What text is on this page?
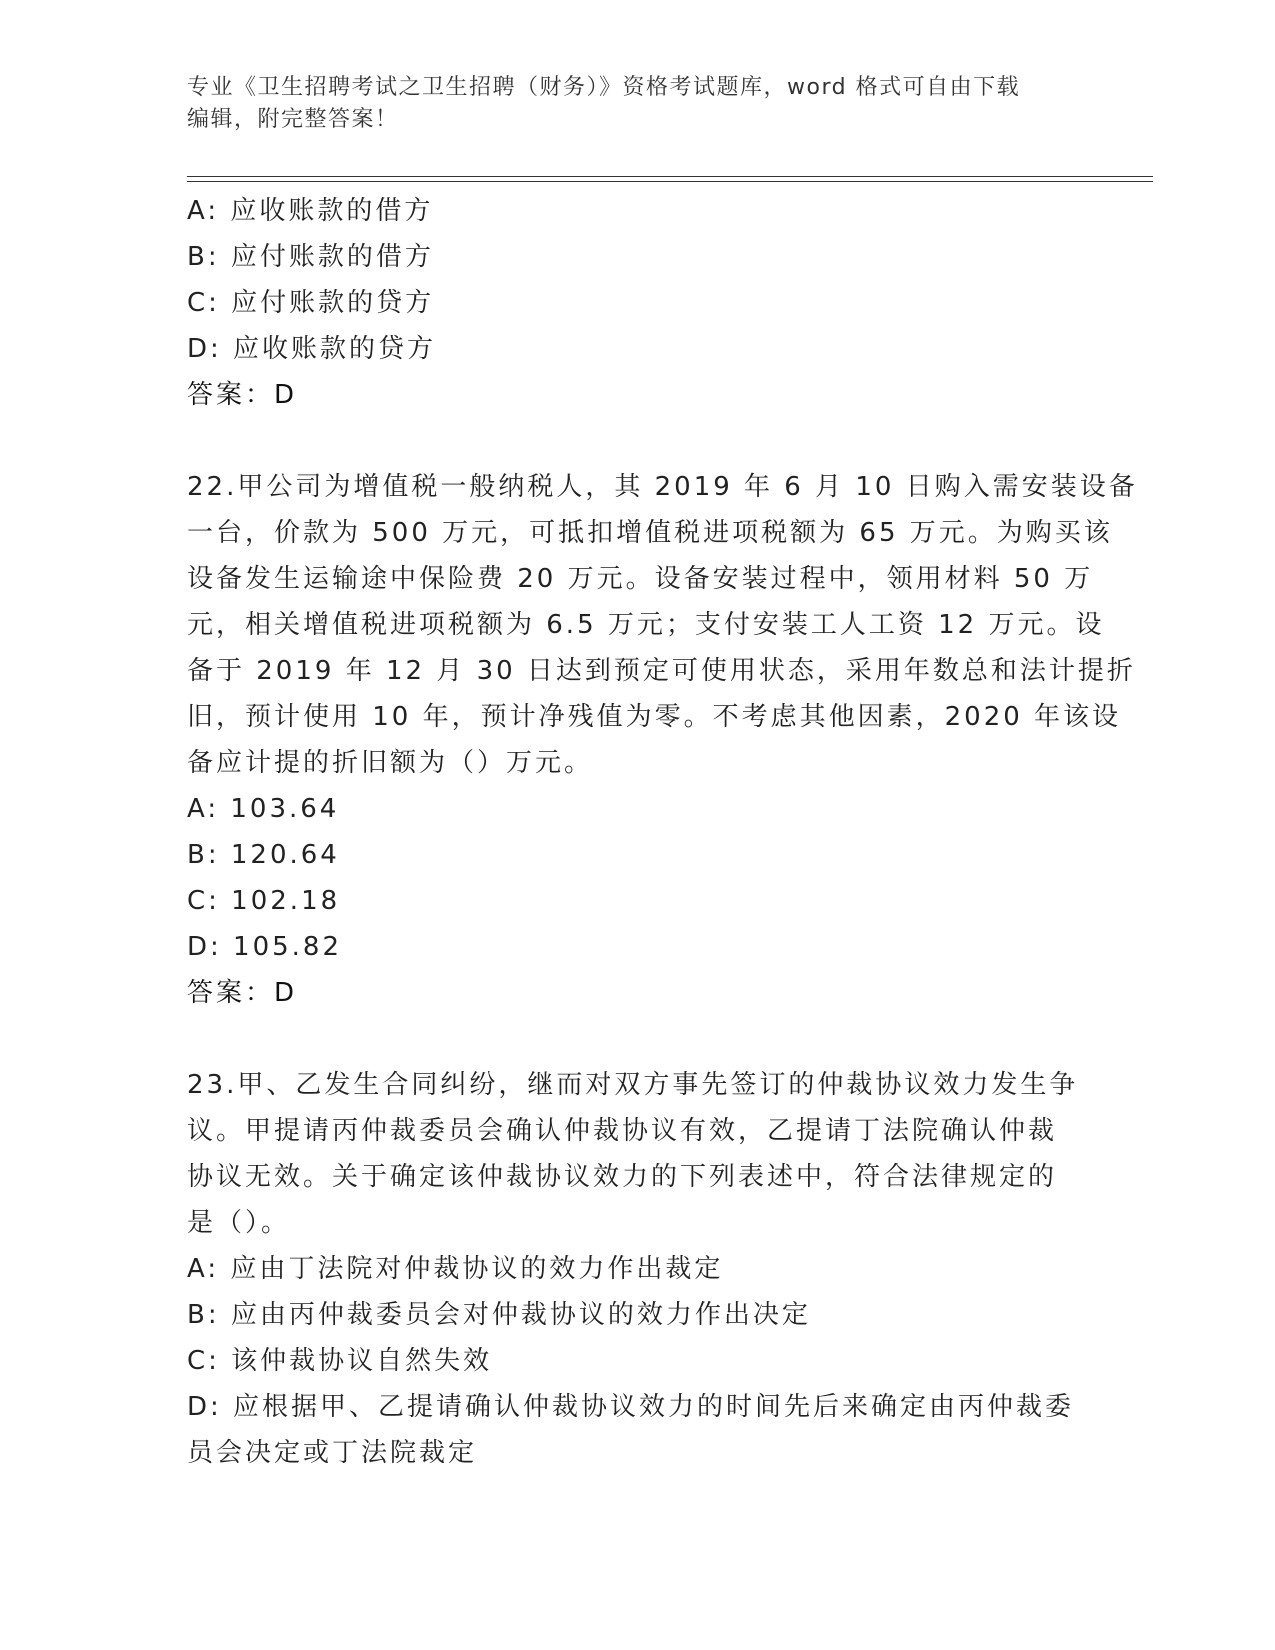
专业《卫生招聘考试之卫生招聘（财务）》资格考试题库，word 格式可自由下载
编辑，附完整答案！
A: 应收账款的借方
B: 应付账款的借方
C: 应付账款的贷方
D: 应收账款的贷方
答案：D
22.甲公司为增值税一般纳税人，其 2019 年 6 月 10 日购入需安装设备
一台，价款为 500 万元，可抵扣增值税进项税额为 65 万元。为购买该
设备发生运输途中保险费 20 万元。设备安装过程中，领用材料 50 万
元，相关增值税进项税额为 6.5 万元；支付安装工人工资 12 万元。设
备于 2019 年 12 月 30 日达到预定可使用状态，采用年数总和法计提折
旧，预计使用 10 年，预计净残值为零。不考虑其他因素，2020 年该设
备应计提的折旧额为（）万元。
A: 103.64
B: 120.64
C: 102.18
D: 105.82
答案：D
23.甲、乙发生合同纠纷，继而对双方事先签订的仲裁协议效力发生争
议。甲提请丙仲裁委员会确认仲裁协议有效，乙提请丁法院确认仲裁
协议无效。关于确定该仲裁协议效力的下列表述中，符合法律规定的
是（）。
A: 应由丁法院对仲裁协议的效力作出裁定
B: 应由丙仲裁委员会对仲裁协议的效力作出决定
C: 该仲裁协议自然失效
D: 应根据甲、乙提请确认仲裁协议效力的时间先后来确定由丙仲裁委
员会决定或丁法院裁定
